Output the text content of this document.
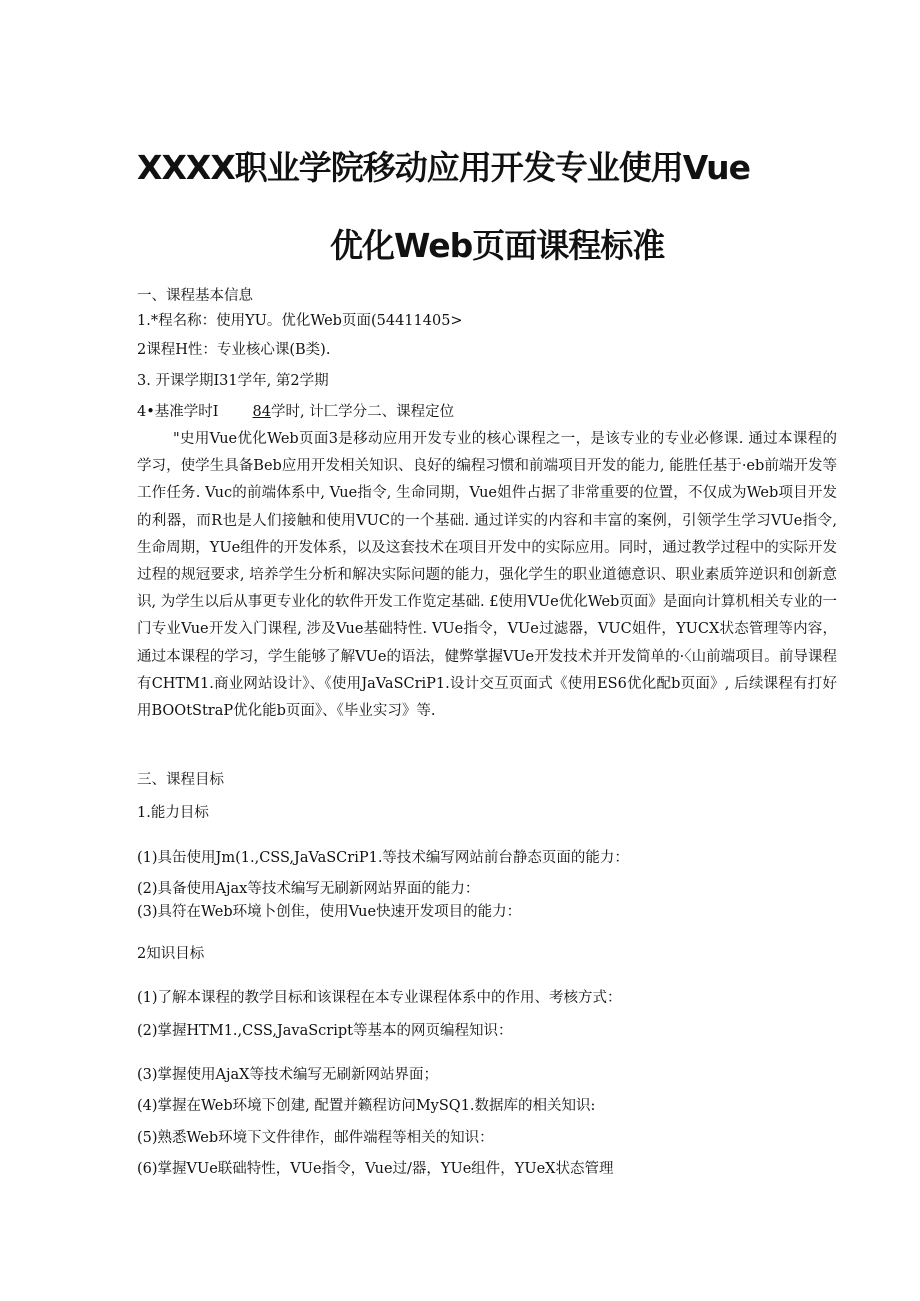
XXXX职业学院移动应用开发专业使用Vue
优化Web页面课程标准
一、课程基本信息
1.*程名称：使用YU。优化Web页面(54411405>
2课程H性：专业核心课(B类).
3. 开课学期I31学年, 第2学期
4•基准学时I 84学时, 计匚学分二、课程定位
"史用Vue优化Web页面3是移动应用开发专业的核心课程之一，是该专业的专业必修课. 通过本课程的学习，使学生具备Beb应用开发相关知识、良好的编程习惯和前端项目开发的能力, 能胜任基于·eb前端开发等工作任务. Vuc的前端体系中, Vue指令, 生命同期，Vue姐件占据了非常重要的位置，不仅成为Web项目开发的利器，而R也是人们接触和使用VUC的一个基础. 通过详实的内容和丰富的案例，引领学生学习VUe指令, 生命周期，YUe组件的开发体系，以及这套技术在项目开发中的实际应用。同时，通过教学过程中的实际开发过程的规冠要求, 培养学生分析和解决实际问题的能力，强化学生的职业道德意识、职业素质笄逆识和创新意识, 为学生以后从事更专业化的软件开发工作览定基础. £使用VUe优化Web页面》是面向计算机相关专业的一门专业Vue开发入门课程, 涉及Vue基础特性. VUe指令，VUe过滤器，VUC姐件，YUCX状态管理等内容，通过本课程的学习，学生能够了解VUe的语法，健弊掌握VUe开发技术并开发简单的·〈山前端项目。前导课程有CHTM1.商业网站设计》、《使用JaVaSCriP1.设计交互页面式《使用ES6优化配b页面》, 后续课程有打好用BOOtStraP优化能b页面》、《毕业实习》等.
三、课程目标
1.能力目标
(1)具缶使用Jm(1.,CSS,JaVaSCriP1.等技术编写网站前台静态页面的能力：
(2)具备使用Ajax等技术编写无刷新网站界面的能力：
(3)具符在Web环境卜创隹，使用Vue快速开发项目的能力：
2知识目标
(1)了解本课程的教学目标和该课程在本专业课程体系中的作用、考核方式：
(2)掌握HTM1.,CSS,JavaScript等基本的网页编程知识：
(3)掌握使用AjaX等技术编写无刷新网站界面；
(4)掌握在Web环境下创建, 配置并籁程访问MySQ1.数据库的相关知识:
(5)熟悉Web环境下文件律作，邮件端程等相关的知识：
(6)掌握VUe联础特性，VUe指令，Vue过/器，YUe组件，YUeX状态管理
